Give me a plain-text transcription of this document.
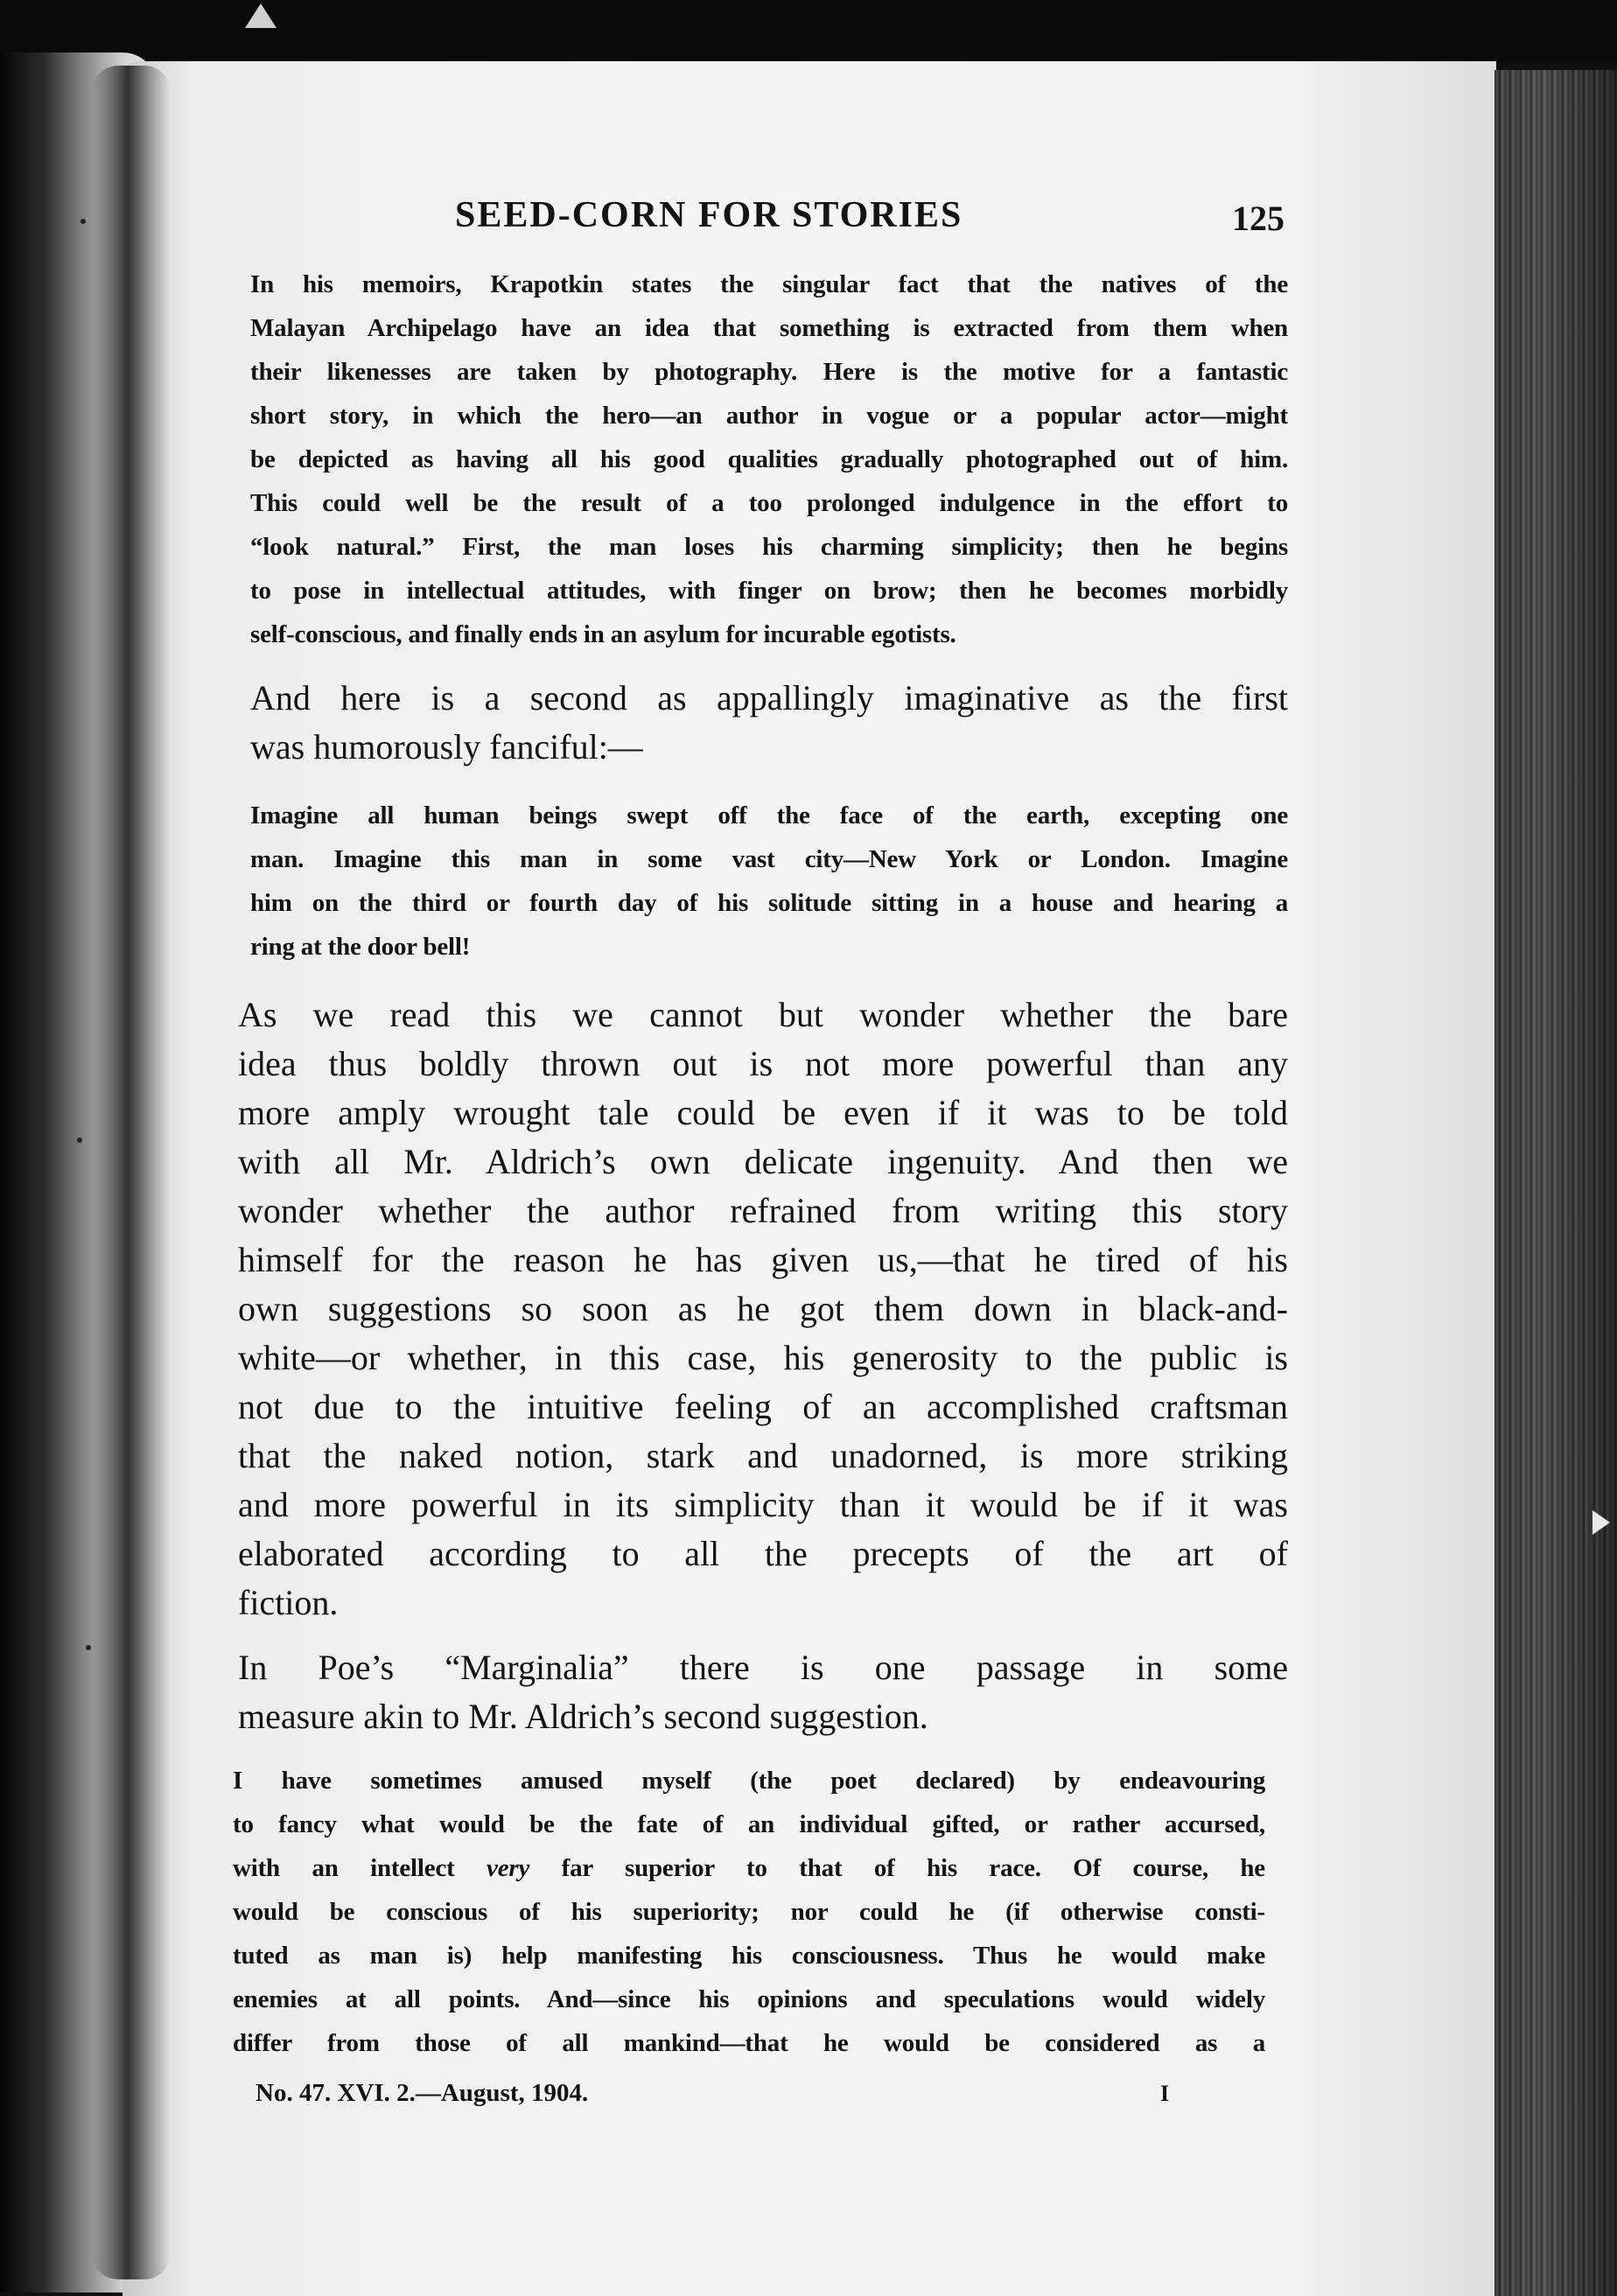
SEED-CORN FOR STORIES	125
In his memoirs, Krapotkin states the singular fact that the natives of the
Malayan Archipelago have an idea that something is extracted from them when
their likenesses are taken by photography. Here is the motive for a fantastic
short story, in which the hero—an author in vogue or a popular actor—might
be depicted as having all his good qualities gradually photographed out of him.
This could well be the result of a too prolonged indulgence in the effort to
“look natural.” First, the man loses his charming simplicity; then he begins
to pose in intellectual attitudes, with finger on brow; then he becomes morbidly
self-conscious, and finally ends in an asylum for incurable egotists.
And here is a second as appallingly imaginative as the first
was humorously fanciful:—
Imagine all human beings swept off the face of the earth, excepting one
man. Imagine this man in some vast city—New York or London. Imagine
him on the third or fourth day of his solitude sitting in a house and hearing a
ring at the door bell!
As we read this we cannot but wonder whether the bare
idea thus boldly thrown out is not more powerful than any
more amply wrought tale could be even if it was to be told
with all Mr. Aldrich’s own delicate ingenuity. And then we
wonder whether the author refrained from writing this story
himself for the reason he has given us,—that he tired of his
own suggestions so soon as he got them down in black-and-
white—or whether, in this case, his generosity to the public is
not due to the intuitive feeling of an accomplished craftsman
that the naked notion, stark and unadorned, is more striking
and more powerful in its simplicity than it would be if it was
elaborated according to all the precepts of the art of
fiction.
In Poe’s “Marginalia” there is one passage in some
measure akin to Mr. Aldrich’s second suggestion.
I have sometimes amused myself (the poet declared) by endeavouring
to fancy what would be the fate of an individual gifted, or rather accursed,
with an intellect very far superior to that of his race. Of course, he
would be conscious of his superiority; nor could he (if otherwise consti-
tuted as man is) help manifesting his consciousness. Thus he would make
enemies at all points. And—since his opinions and speculations would widely
differ from those of all mankind—that he would be considered as a
No. 47. XVI. 2.—August, 1904.	I
